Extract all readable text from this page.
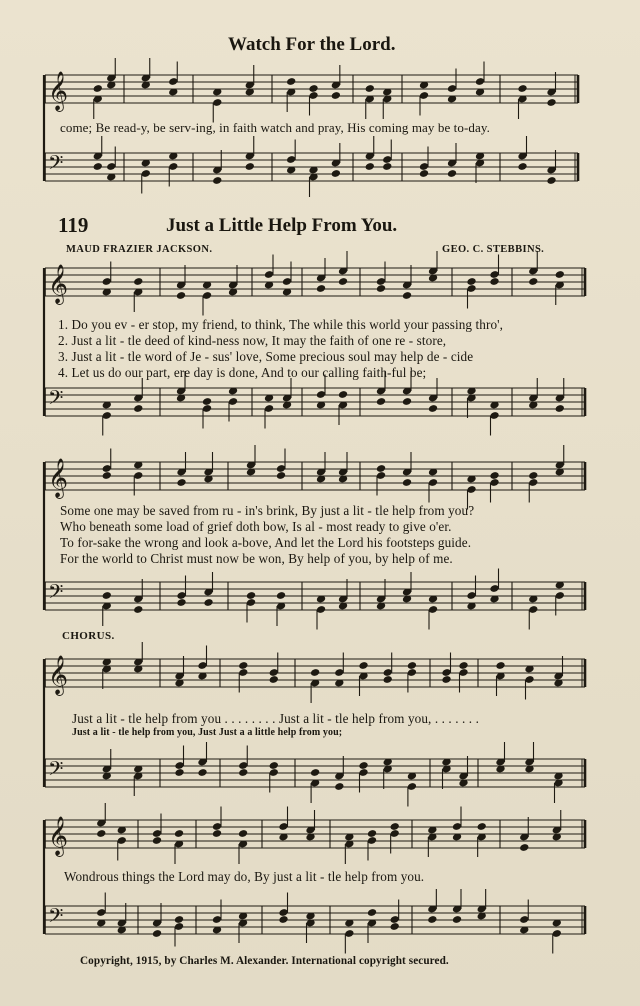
𝄞
𝄢
𝄞
𝄢
𝄞
𝄢
𝄞
𝄢
𝄞
𝄢
Watch For the Lord.
come; Be read-y, be serv-ing, in faith watch and pray, His coming may be to-day.
119	Just a Little Help From You.
MAUD FRAZIER JACKSON.	GEO. C. STEBBINS.
1. Do you ev - er stop, my friend, to think, The while this world your passing thro',
2. Just a lit - tle deed of kind-ness now, It may the faith of one re - store,
3. Just a lit - tle word of Je - sus' love, Some precious soul may help de - cide
4. Let us do our part, ere day is done, And to our calling faith-ful be;
Some one may be saved from ru - in's brink, By just a lit - tle help from you?
Who beneath some load of grief doth bow, Is al - most ready to give o'er.
To for-sake the wrong and look a-bove, And let the Lord his footsteps guide.
For the world to Christ must now be won, By help of you, by help of me.
CHORUS.
Just a lit - tle help from you . . . . . . . . Just a lit - tle help from you, . . . . . . .
Just a lit - tle help from you, Just Just a a little help from you;
Wondrous things the Lord may do, By just a lit - tle help from you.
Copyright, 1915, by Charles M. Alexander. International copyright secured.
